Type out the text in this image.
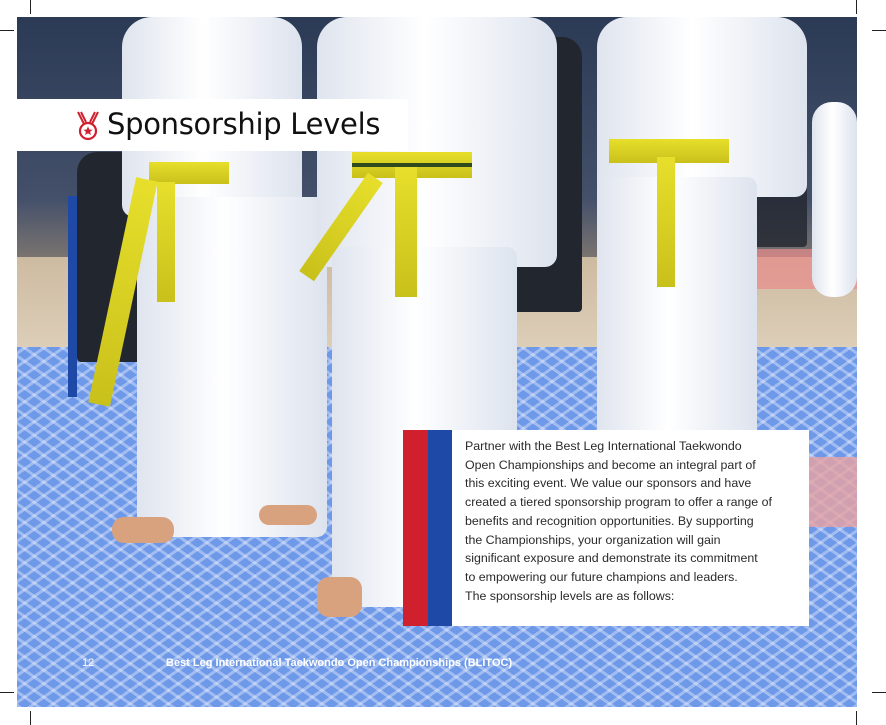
Sponsorship Levels
Partner with the Best Leg International Taekwondo
Open Championships and become an integral part of
this exciting event. We value our sponsors and have
created a tiered sponsorship program to offer a range of
benefits and recognition opportunities. By supporting
the Championships, your organization will gain
significant exposure and demonstrate its commitment
to empowering our future champions and leaders.
The sponsorship levels are as follows:
12	Best Leg International Taekwondo Open Championships (BLITOC)
